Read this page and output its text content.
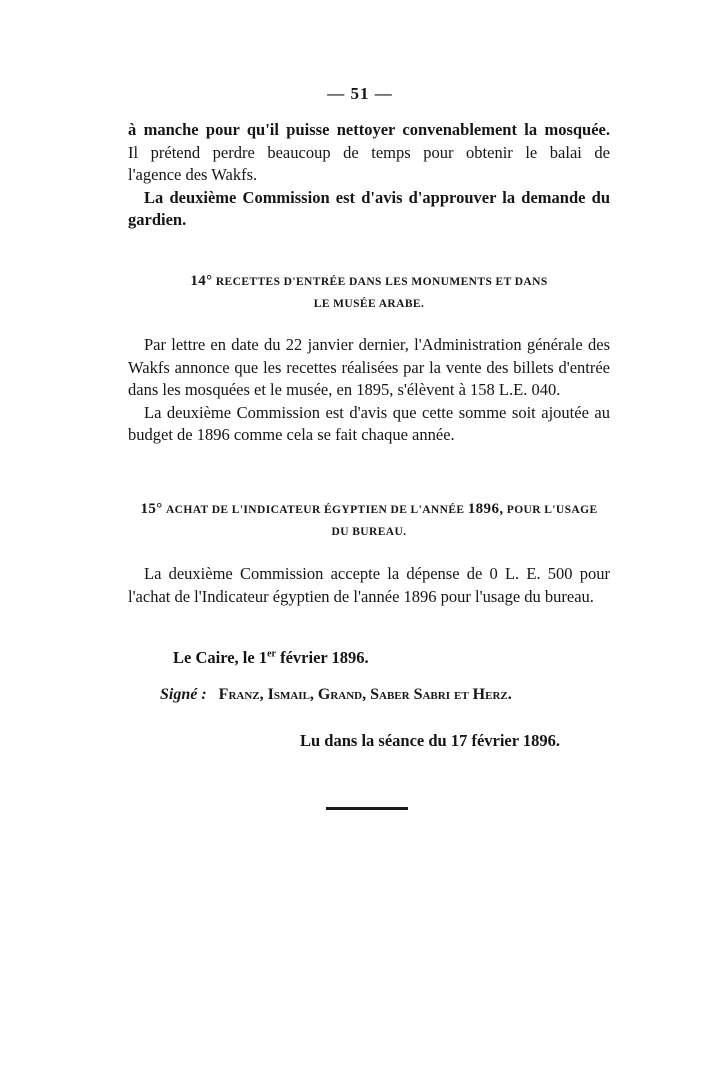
— 51 —

à manche pour qu'il puisse nettoyer convenablement la mosquée.

Il prétend perdre beaucoup de temps pour obtenir le balai de

l'agence des Wakfs.

La deuxième Commission est d'avis d'approuver la demande du gardien.

14° RECETTES D'ENTRÉE DANS LES MONUMENTS ET DANS
LE MUSÉE ARABE.

Par lettre en date du 22 janvier dernier, l'Administration générale des Wakfs annonce que les recettes réalisées par la vente des billets d'entrée dans les mosquées et le musée, en 1895, s'élèvent à 158 L.E. 040.

La deuxième Commission est d'avis que cette somme soit ajoutée au budget de 1896 comme cela se fait chaque année.

15° ACHAT DE L'INDICATEUR ÉGYPTIEN DE L'ANNÉE 1896, POUR L'USAGE
DU BUREAU.

La deuxième Commission accepte la dépense de 0 L. E. 500 pour l'achat de l'Indicateur égyptien de l'année 1896 pour l'usage du bureau.

Le Caire, le 1er février 1896.
Signé : Franz, Ismail, Grand, Saber Sabri et Herz.
Lu dans la séance du 17 février 1896.
